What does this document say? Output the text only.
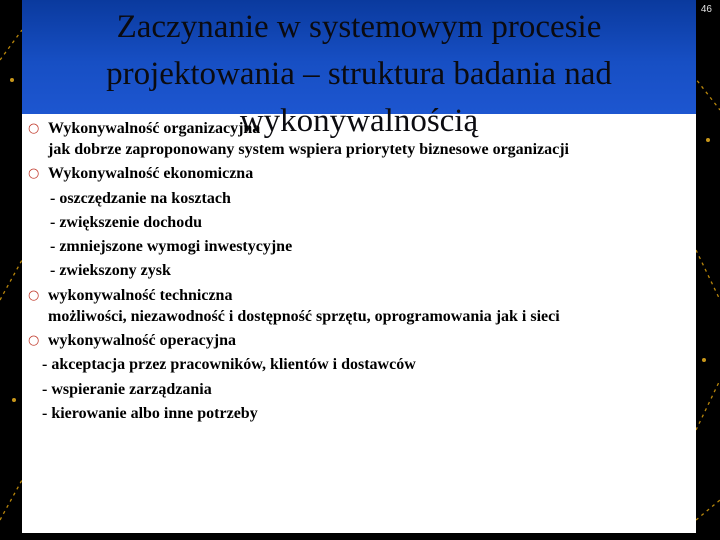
Zaczynanie w systemowym procesie projektowania – struktura badania nad wykonywalnością
○ Wykonywalność organizacyjna
jak dobrze zaproponowany system wspiera priorytety biznesowe organizacji
○ Wykonywalność ekonomiczna
- oszczędzanie na kosztach
- zwiększenie dochodu
- zmniejszone wymogi inwestycyjne
- zwiekszony zysk
○ wykonywalność techniczna
możliwości, niezawodność i dostępność sprzętu, oprogramowania jak i sieci
○ wykonywalność operacyjna
- akceptacja przez pracowników, klientów i dostawców
- wspieranie zarządzania
- kierowanie albo inne potrzeby
46
